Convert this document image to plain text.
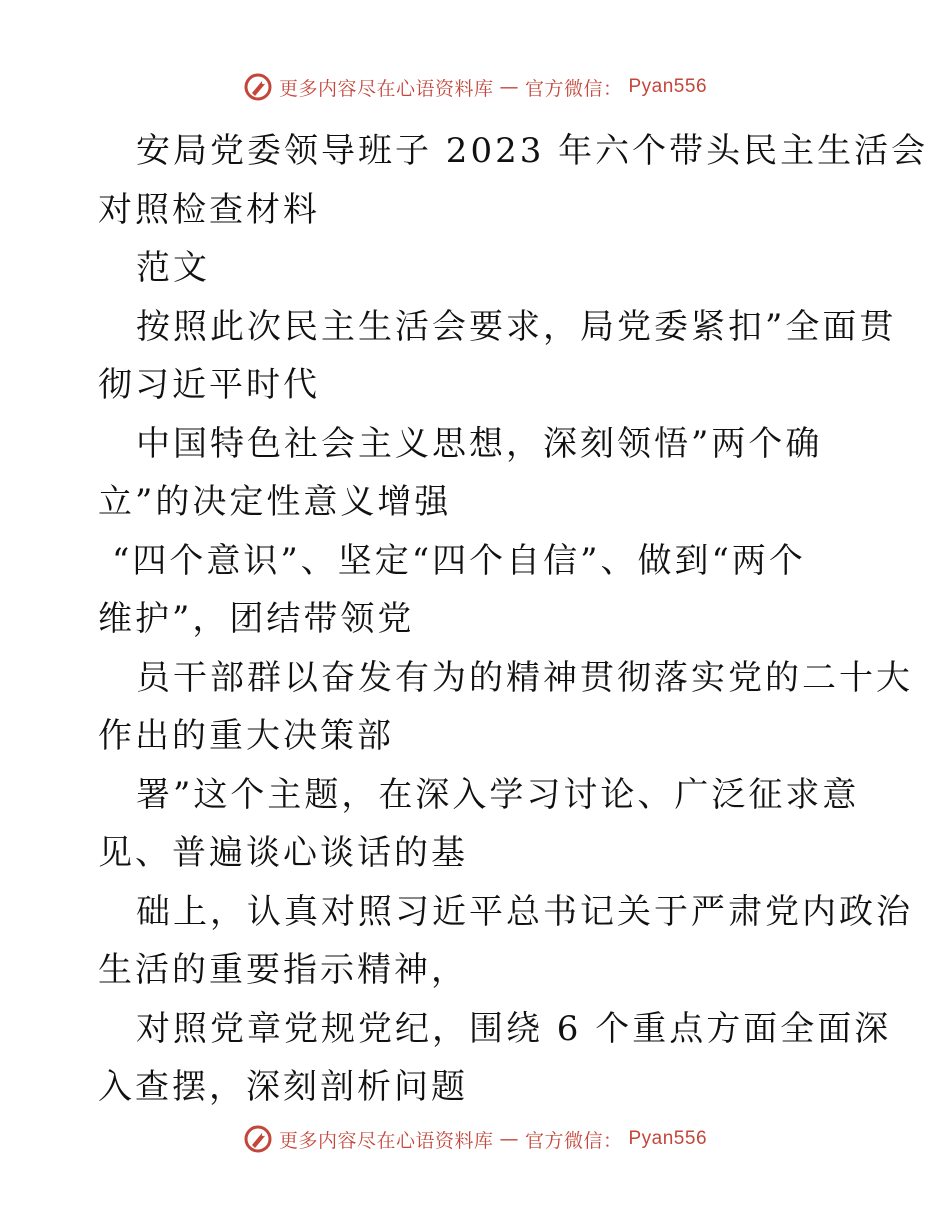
更多内容尽在心语资料库 — 官方微信： Pyan556
安局党委领导班子 2023 年六个带头民主生活会
对照检查材料
范文
按照此次民主生活会要求，局党委紧扣”全面贯
彻习近平时代
中国特色社会主义思想，深刻领悟”两个确
立”的决定性意义增强
“四个意识”、坚定“四个自信”、做到“两个
维护”，团结带领党
员干部群以奋发有为的精神贯彻落实党的二十大
作出的重大决策部
署”这个主题，在深入学习讨论、广泛征求意
见、普遍谈心谈话的基
础上，认真对照习近平总书记关于严肃党内政治
生活的重要指示精神，
对照党章党规党纪，围绕 6 个重点方面全面深
入查摆，深刻剖析问题
更多内容尽在心语资料库 — 官方微信： Pyan556
